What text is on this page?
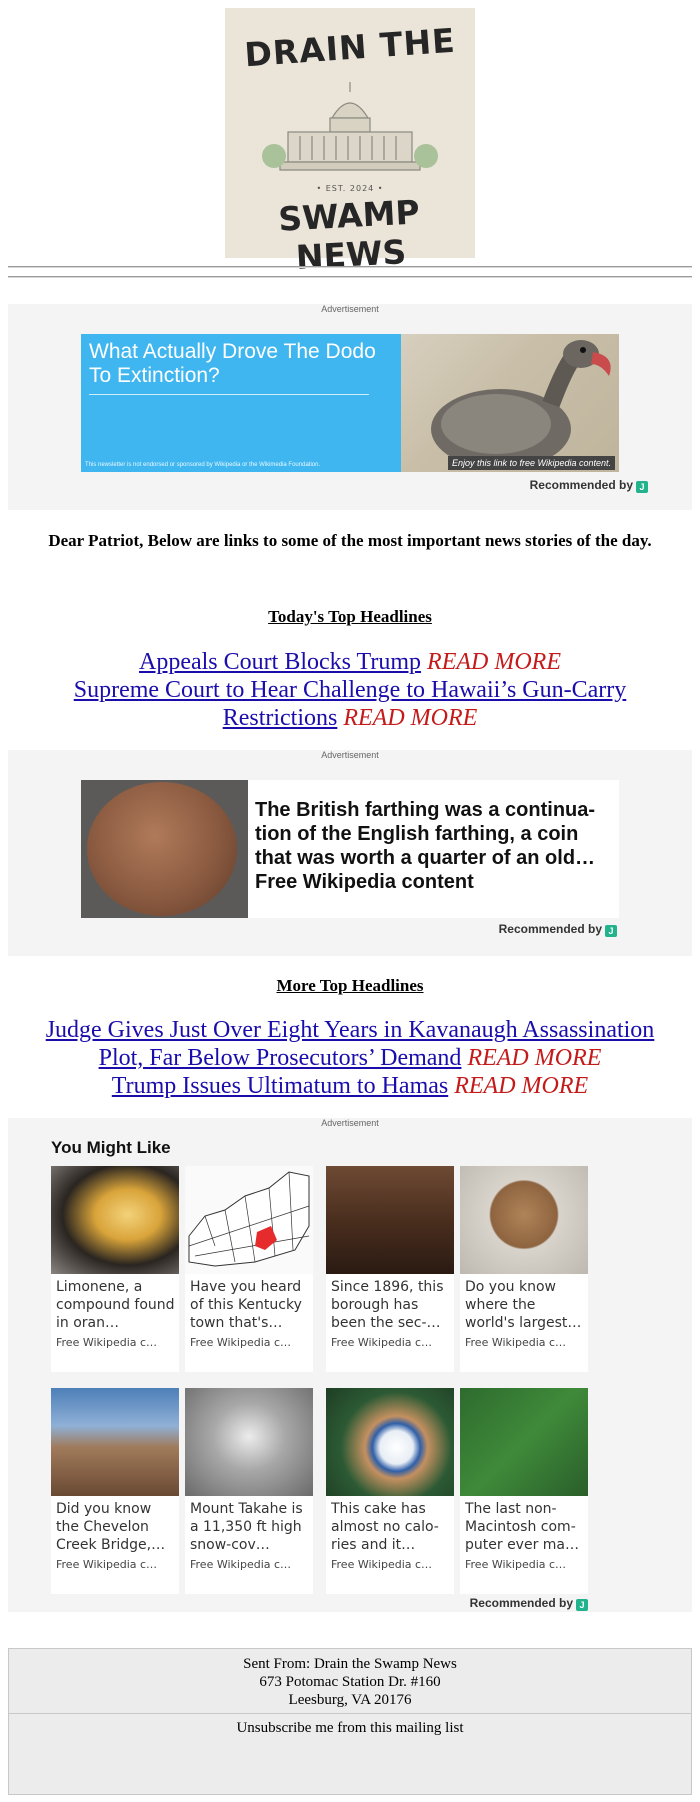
DRAIN THE
• EST. 2024 •
SWAMP NEWS
Advertisement
What Actually Drove The Dodo To Extinction?
This newsletter is not endorsed or sponsored by Wikipedia or the Wikimedia Foundation.	Enjoy this link to free Wikipedia content.
Recommended by J
Dear Patriot, Below are links to some of the most important news stories of the day.
Today's Top Headlines
Appeals Court Blocks Trump READ MORE
Supreme Court to Hear Challenge to Hawaii’s Gun-Carry Restrictions READ MORE
Advertisement
The British farthing was a continua-tion of the English farthing, a coin that was worth a quarter of an old…
Free Wikipedia content
Recommended by J
More Top Headlines
Judge Gives Just Over Eight Years in Kavanaugh Assassination Plot, Far Below Prosecutors’ Demand READ MORE
Trump Issues Ultimatum to Hamas READ MORE
Advertisement
You Might Like
Limonene, a compound found in oran…
Free Wikipedia c…
Have you heard of this Kentucky town that's…
Free Wikipedia c…
Since 1896, this borough has been the sec-…
Free Wikipedia c…
Do you know where the world's largest…
Free Wikipedia c…
Did you know the Chevelon Creek Bridge,…
Free Wikipedia c…
Mount Takahe is a 11,350 ft high snow-cov…
Free Wikipedia c…
This cake has almost no calo-ries and it…
Free Wikipedia c…
The last non-Macintosh com-puter ever ma…
Free Wikipedia c…
Recommended by J
Sent From: Drain the Swamp News
673 Potomac Station Dr. #160
Leesburg, VA 20176
Unsubscribe me from this mailing list
